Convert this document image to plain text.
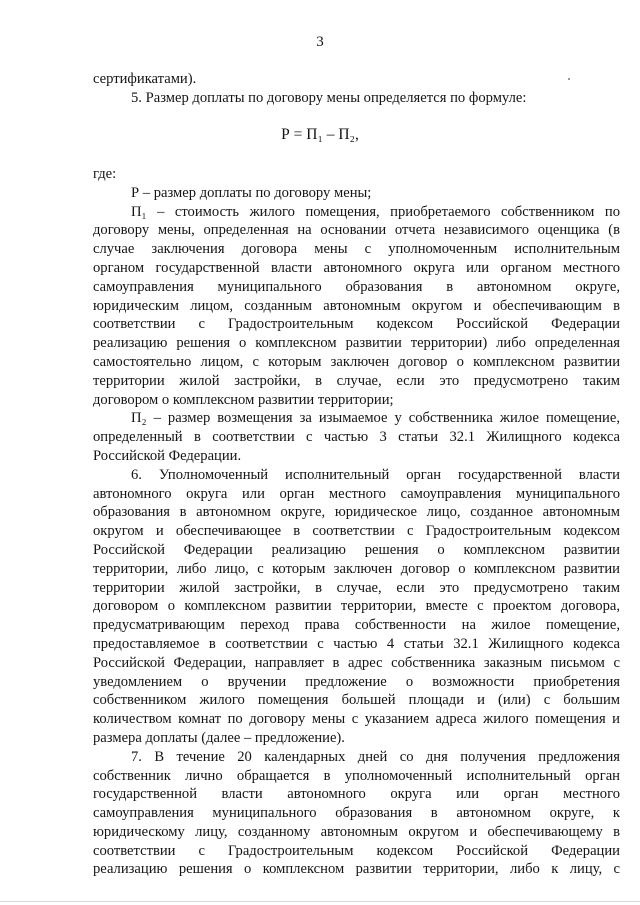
3

сертификатами).

5. Размер доплаты по договору мены определяется по формуле:

Р = П₁ – П₂,

где:

Р – размер доплаты по договору мены;

П₁ – стоимость жилого помещения, приобретаемого собственником по

договору мены, определенная на основании отчета независимого оценщика (в

случае заключения договора мены с уполномоченным исполнительным

органом государственной власти автономного округа или органом местного

самоуправления муниципального образования в автономном округе,

юридическим лицом, созданным автономным округом и обеспечивающим в

соответствии с Градостроительным кодексом Российской Федерации

реализацию решения о комплексном развитии территории) либо определенная

самостоятельно лицом, с которым заключен договор о комплексном развитии

территории жилой застройки, в случае, если это предусмотрено таким

договором о комплексном развитии территории;

П₂ – размер возмещения за изымаемое у собственника жилое помещение,

определенный в соответствии с частью 3 статьи 32.1 Жилищного кодекса

Российской Федерации.

6. Уполномоченный исполнительный орган государственной власти

автономного округа или орган местного самоуправления муниципального

образования в автономном округе, юридическое лицо, созданное автономным

округом и обеспечивающее в соответствии с Градостроительным кодексом

Российской Федерации реализацию решения о комплексном развитии

территории, либо лицо, с которым заключен договор о комплексном развитии

территории жилой застройки, в случае, если это предусмотрено таким

договором о комплексном развитии территории, вместе с проектом договора,

предусматривающим переход права собственности на жилое помещение,

предоставляемое в соответствии с частью 4 статьи 32.1 Жилищного кодекса

Российской Федерации, направляет в адрес собственника заказным письмом с

уведомлением о вручении предложение о возможности приобретения

собственником жилого помещения большей площади и (или) с большим

количеством комнат по договору мены с указанием адреса жилого помещения и

размера доплаты (далее – предложение).

7. В течение 20 календарных дней со дня получения предложения

собственник лично обращается в уполномоченный исполнительный орган

государственной власти автономного округа или орган местного

самоуправления муниципального образования в автономном округе, к

юридическому лицу, созданному автономным округом и обеспечивающему в

соответствии с Градостроительным кодексом Российской Федерации

реализацию решения о комплексном развитии территории, либо к лицу, с
